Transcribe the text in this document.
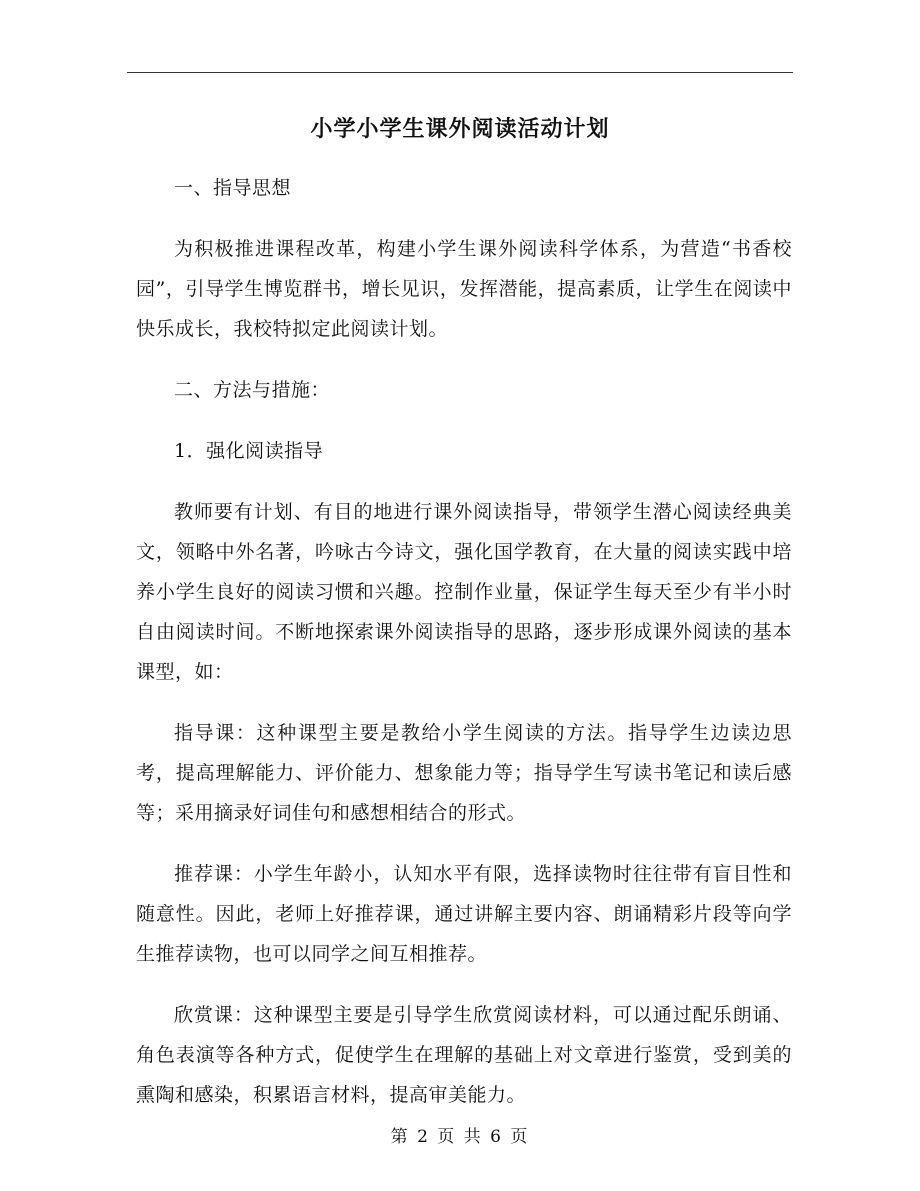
小学小学生课外阅读活动计划

一、指导思想

为积极推进课程改革，构建小学生课外阅读科学体系，为营造“书香校园”，引导学生博览群书，增长见识，发挥潜能，提高素质，让学生在阅读中快乐成长，我校特拟定此阅读计划。

二、方法与措施：

1．强化阅读指导

教师要有计划、有目的地进行课外阅读指导，带领学生潜心阅读经典美文，领略中外名著，吟咏古今诗文，强化国学教育，在大量的阅读实践中培养小学生良好的阅读习惯和兴趣。控制作业量，保证学生每天至少有半小时自由阅读时间。不断地探索课外阅读指导的思路，逐步形成课外阅读的基本课型，如：

指导课：这种课型主要是教给小学生阅读的方法。指导学生边读边思考，提高理解能力、评价能力、想象能力等；指导学生写读书笔记和读后感等；采用摘录好词佳句和感想相结合的形式。

推荐课：小学生年龄小，认知水平有限，选择读物时往往带有盲目性和随意性。因此，老师上好推荐课，通过讲解主要内容、朗诵精彩片段等向学生推荐读物，也可以同学之间互相推荐。

欣赏课：这种课型主要是引导学生欣赏阅读材料，可以通过配乐朗诵、角色表演等各种方式，促使学生在理解的基础上对文章进行鉴赏，受到美的熏陶和感染，积累语言材料，提高审美能力。

第 2 页 共 6 页
